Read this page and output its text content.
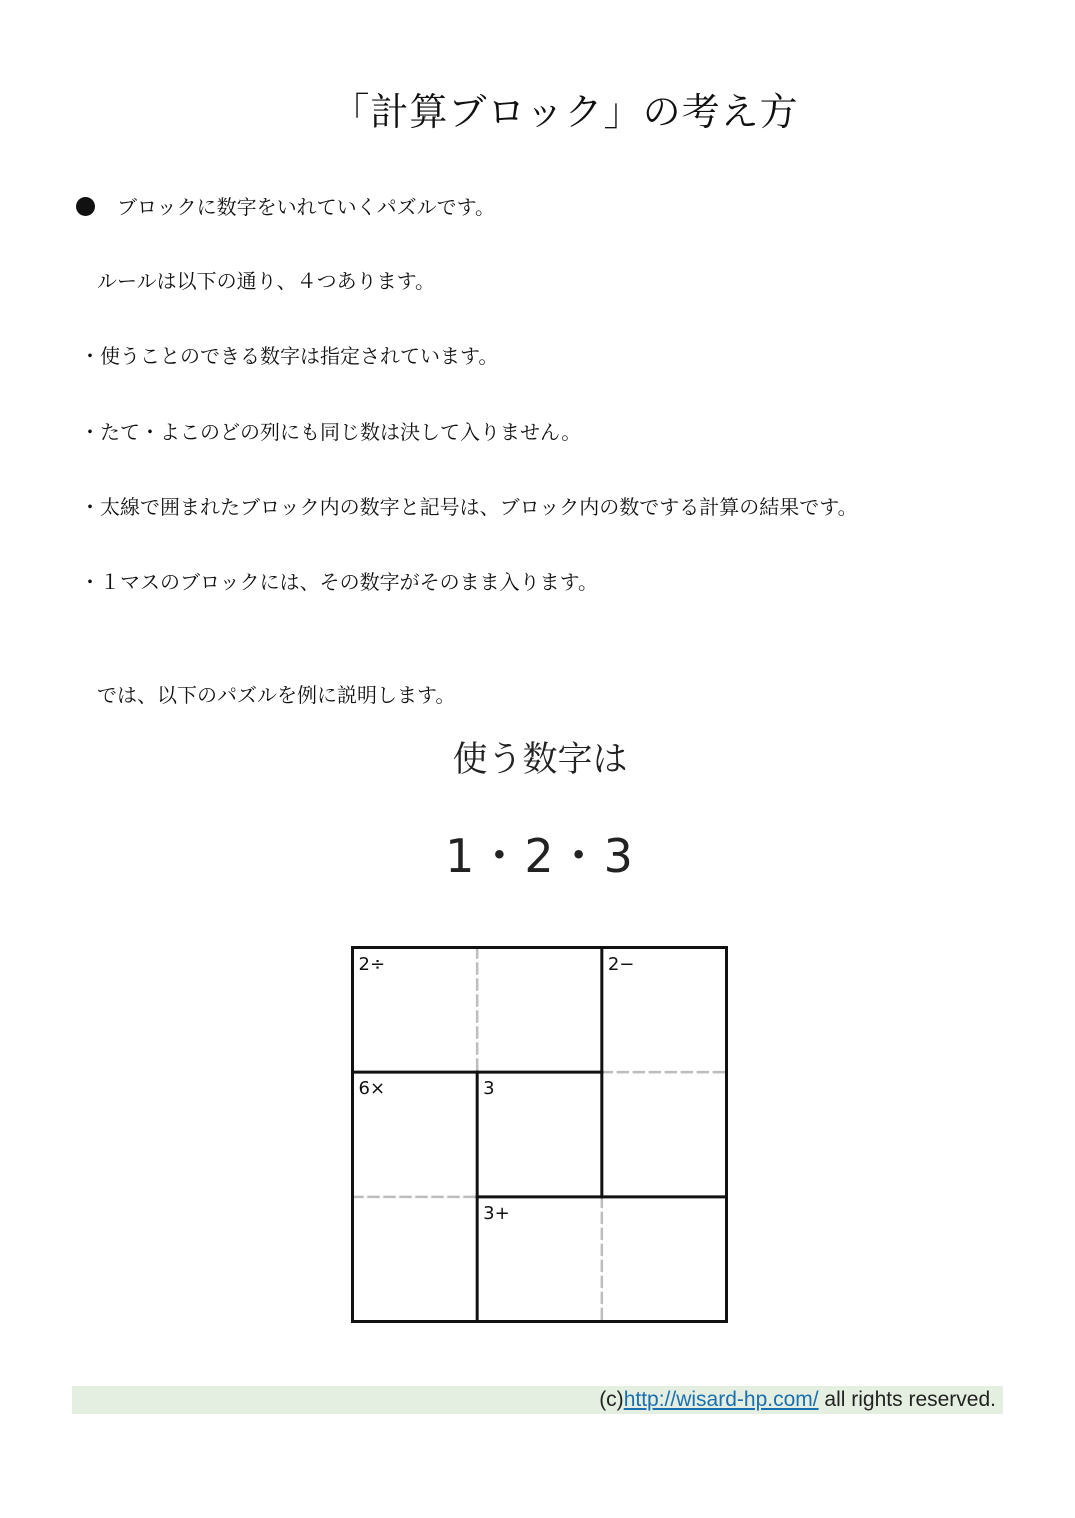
「計算ブロック」の考え方
ブロックに数字をいれていくパズルです。
ルールは以下の通り、４つあります。
・使うことのできる数字は指定されています。
・たて・よこのどの列にも同じ数は決して入りません。
・太線で囲まれたブロック内の数字と記号は、ブロック内の数でする計算の結果です。
・１マスのブロックには、その数字がそのまま入ります。
では、以下のパズルを例に説明します。
使う数字は
1・2・3
2÷	2−
6×	3
3+
(c)http://wisard-hp.com/ all rights reserved.
